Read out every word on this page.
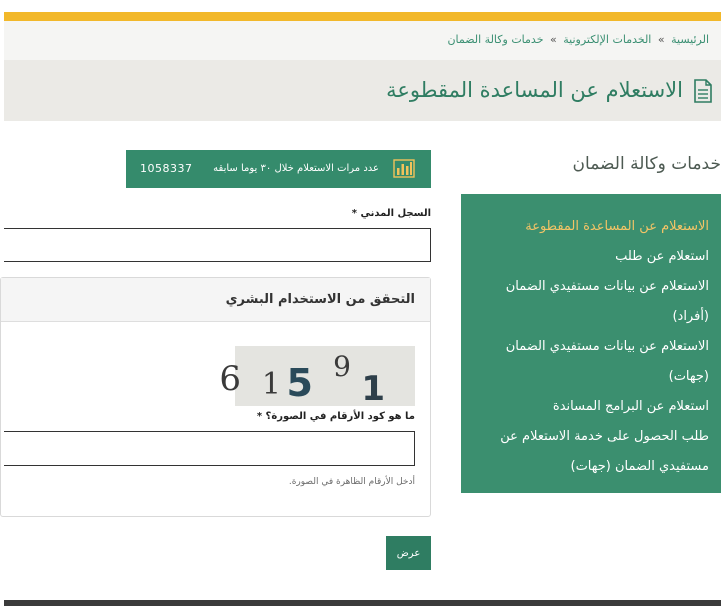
الرئيسية » الخدمات الإلكترونية » خدمات وكالة الضمان
الاستعلام عن المساعدة المقطوعة
خدمات وكالة الضمان
الاستعلام عن المساعدة المقطوعة
استعلام عن طلب
الاستعلام عن بيانات مستفيدي الضمان (أفراد)
الاستعلام عن بيانات مستفيدي الضمان (جهات)
استعلام عن البرامج المساندة
طلب الحصول على خدمة الاستعلام عن مستفيدي الضمان (جهات)
عدد مرات الاستعلام خلال ٣٠ يوما سابقه
1058337
السجل المدني *
التحقق من الاستخدام البشري
6 1 5 9
1
ما هو كود الأرقام في الصورة؟ *
أدخل الأرقام الظاهرة في الصورة.
عرض
